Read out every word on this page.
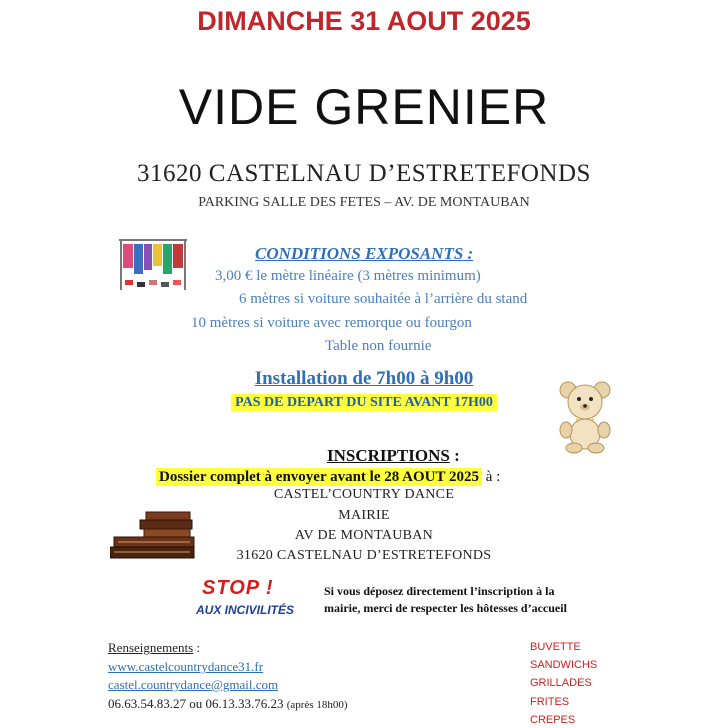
DIMANCHE 31 AOUT 2025
VIDE GRENIER
31620 CASTELNAU D’ESTRETEFONDS
PARKING SALLE DES FETES – AV. DE MONTAUBAN
CONDITIONS EXPOSANTS :
3,00 € le mètre linéaire (3 mètres minimum)
6 mètres si voiture souhaitée à l’arrière du stand
10 mètres si voiture avec remorque ou fourgon
Table non fournie
Installation de 7h00 à 9h00
PAS DE DEPART DU SITE AVANT 17H00
INSCRIPTIONS :
Dossier complet à envoyer avant le 28 AOUT 2025 à :
CASTEL’COUNTRY DANCE
MAIRIE
AV DE MONTAUBAN
31620 CASTELNAU D’ESTRETEFONDS
STOP !
AUX INCIVILITÉS
Si vous déposez directement l’inscription à la
mairie, merci de respecter les hôtesses d’accueil
Renseignements :
www.castelcountrydance31.fr
castel.countrydance@gmail.com
06.63.54.83.27 ou 06.13.33.76.23 (après 18h00)
BUVETTE
SANDWICHS
GRILLADES
FRITES
CREPES
